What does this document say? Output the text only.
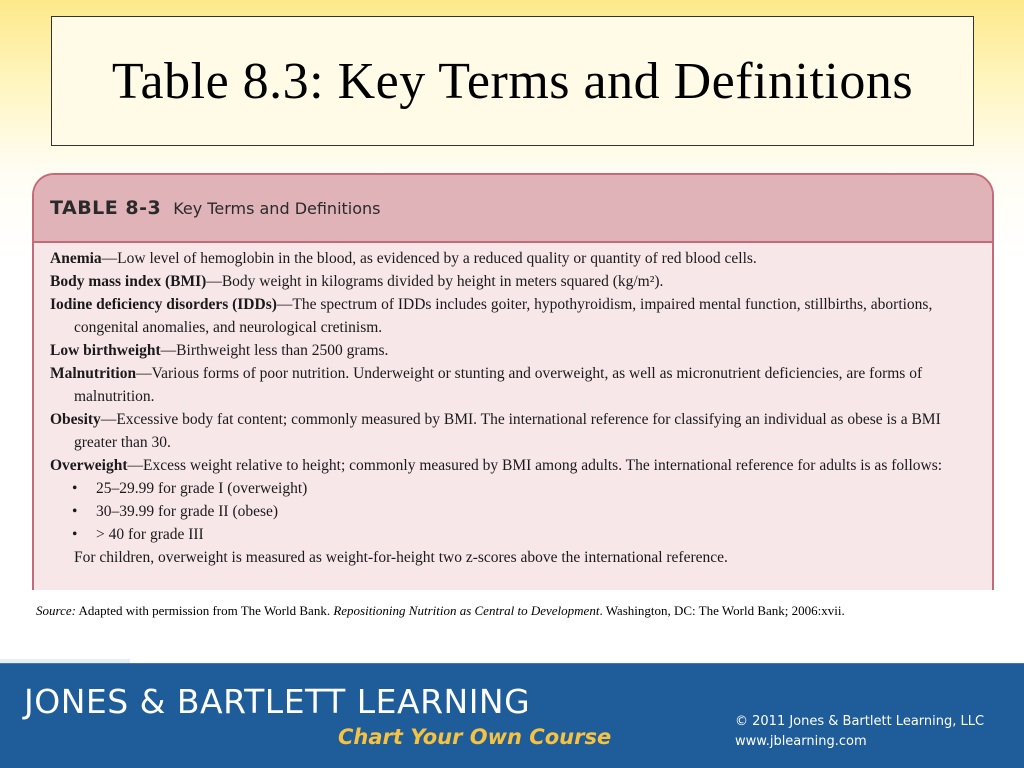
Table 8.3: Key Terms and Definitions
TABLE 8-3 Key Terms and Definitions
Anemia—Low level of hemoglobin in the blood, as evidenced by a reduced quality or quantity of red blood cells.
Body mass index (BMI)—Body weight in kilograms divided by height in meters squared (kg/m²).
Iodine deficiency disorders (IDDs)—The spectrum of IDDs includes goiter, hypothyroidism, impaired mental function, stillbirths, abortions, congenital anomalies, and neurological cretinism.
Low birthweight—Birthweight less than 2500 grams.
Malnutrition—Various forms of poor nutrition. Underweight or stunting and overweight, as well as micronutrient deficiencies, are forms of malnutrition.
Obesity—Excessive body fat content; commonly measured by BMI. The international reference for classifying an individual as obese is a BMI greater than 30.
Overweight—Excess weight relative to height; commonly measured by BMI among adults. The international reference for adults is as follows:
• 25–29.99 for grade I (overweight)
• 30–39.99 for grade II (obese)
• > 40 for grade III
For children, overweight is measured as weight-for-height two z-scores above the international reference.
Source: Adapted with permission from The World Bank. Repositioning Nutrition as Central to Development. Washington, DC: The World Bank; 2006:xvii.
JONES & BARTLETT LEARNING
Chart Your Own Course
© 2011 Jones & Bartlett Learning, LLC
www.jblearning.com
